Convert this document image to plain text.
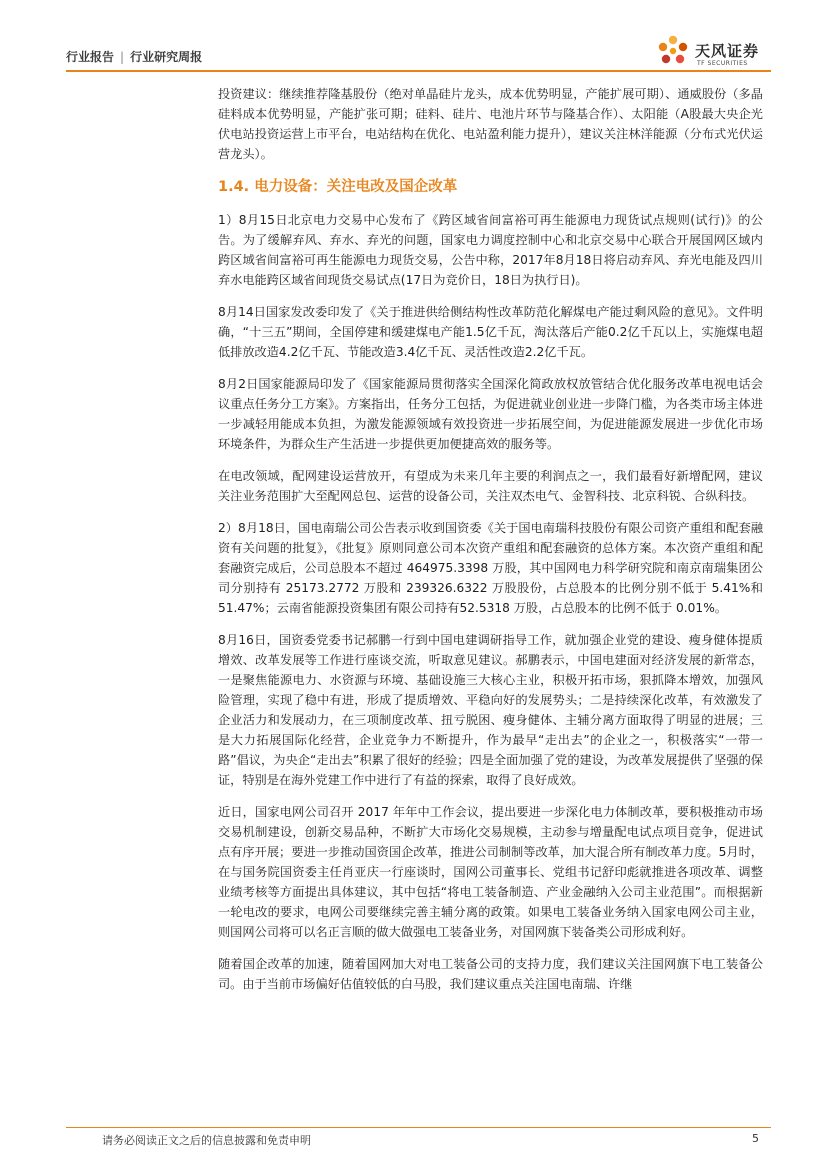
行业报告 | 行业研究周报	天风证券
TF SECURITIES

投资建议：继续推荐隆基股份（绝对单晶硅片龙头，成本优势明显，产能扩展可期）、通威股份（多晶硅料成本优势明显，产能扩张可期；硅料、硅片、电池片环节与隆基合作）、太阳能（A股最大央企光伏电站投资运营上市平台，电站结构在优化、电站盈利能力提升），建议关注林洋能源（分布式光伏运营龙头）。

1.4. 电力设备：关注电改及国企改革

1）8月15日北京电力交易中心发布了《跨区域省间富裕可再生能源电力现货试点规则(试行)》的公告。为了缓解弃风、弃水、弃光的问题，国家电力调度控制中心和北京交易中心联合开展国网区域内跨区域省间富裕可再生能源电力现货交易，公告中称，2017年8月18日将启动弃风、弃光电能及四川弃水电能跨区域省间现货交易试点(17日为竞价日，18日为执行日)。

8月14日国家发改委印发了《关于推进供给侧结构性改革防范化解煤电产能过剩风险的意见》。文件明确，“十三五”期间，全国停建和缓建煤电产能1.5亿千瓦，淘汰落后产能0.2亿千瓦以上，实施煤电超低排放改造4.2亿千瓦、节能改造3.4亿千瓦、灵活性改造2.2亿千瓦。

8月2日国家能源局印发了《国家能源局贯彻落实全国深化简政放权放管结合优化服务改革电视电话会议重点任务分工方案》。方案指出，任务分工包括，为促进就业创业进一步降门槛，为各类市场主体进一步减轻用能成本负担，为激发能源领域有效投资进一步拓展空间，为促进能源发展进一步优化市场环境条件，为群众生产生活进一步提供更加便捷高效的服务等。

在电改领域，配网建设运营放开，有望成为未来几年主要的利润点之一，我们最看好新增配网，建议关注业务范围扩大至配网总包、运营的设备公司，关注双杰电气、金智科技、北京科锐、合纵科技。

2）8月18日，国电南瑞公司公告表示收到国资委《关于国电南瑞科技股份有限公司资产重组和配套融资有关问题的批复》，《批复》原则同意公司本次资产重组和配套融资的总体方案。本次资产重组和配套融资完成后，公司总股本不超过 464975.3398 万股，其中国网电力科学研究院和南京南瑞集团公司分别持有 25173.2772 万股和 239326.6322 万股股份，占总股本的比例分别不低于 5.41%和 51.47%；云南省能源投资集团有限公司持有52.5318 万股，占总股本的比例不低于 0.01%。

8月16日，国资委党委书记郝鹏一行到中国电建调研指导工作，就加强企业党的建设、瘦身健体提质增效、改革发展等工作进行座谈交流，听取意见建议。郝鹏表示，中国电建面对经济发展的新常态，一是聚焦能源电力、水资源与环境、基础设施三大核心主业，积极开拓市场，狠抓降本增效，加强风险管理，实现了稳中有进，形成了提质增效、平稳向好的发展势头；二是持续深化改革，有效激发了企业活力和发展动力，在三项制度改革、扭亏脱困、瘦身健体、主辅分离方面取得了明显的进展；三是大力拓展国际化经营，企业竞争力不断提升，作为最早“走出去”的企业之一，积极落实“一带一路”倡议，为央企“走出去”积累了很好的经验；四是全面加强了党的建设，为改革发展提供了坚强的保证，特别是在海外党建工作中进行了有益的探索，取得了良好成效。

近日，国家电网公司召开 2017 年年中工作会议，提出要进一步深化电力体制改革，要积极推动市场交易机制建设，创新交易品种，不断扩大市场化交易规模，主动参与增量配电试点项目竞争，促进试点有序开展；要进一步推动国资国企改革，推进公司制制等改革，加大混合所有制改革力度。5月时，在与国务院国资委主任肖亚庆一行座谈时，国网公司董事长、党组书记舒印彪就推进各项改革、调整业绩考核等方面提出具体建议，其中包括“将电工装备制造、产业金融纳入公司主业范围”。而根据新一轮电改的要求，电网公司要继续完善主辅分离的政策。如果电工装备业务纳入国家电网公司主业，则国网公司将可以名正言顺的做大做强电工装备业务，对国网旗下装备类公司形成利好。

随着国企改革的加速，随着国网加大对电工装备公司的支持力度，我们建议关注国网旗下电工装备公司。由于当前市场偏好估值较低的白马股，我们建议重点关注国电南瑞、许继

请务必阅读正文之后的信息披露和免责申明	5
